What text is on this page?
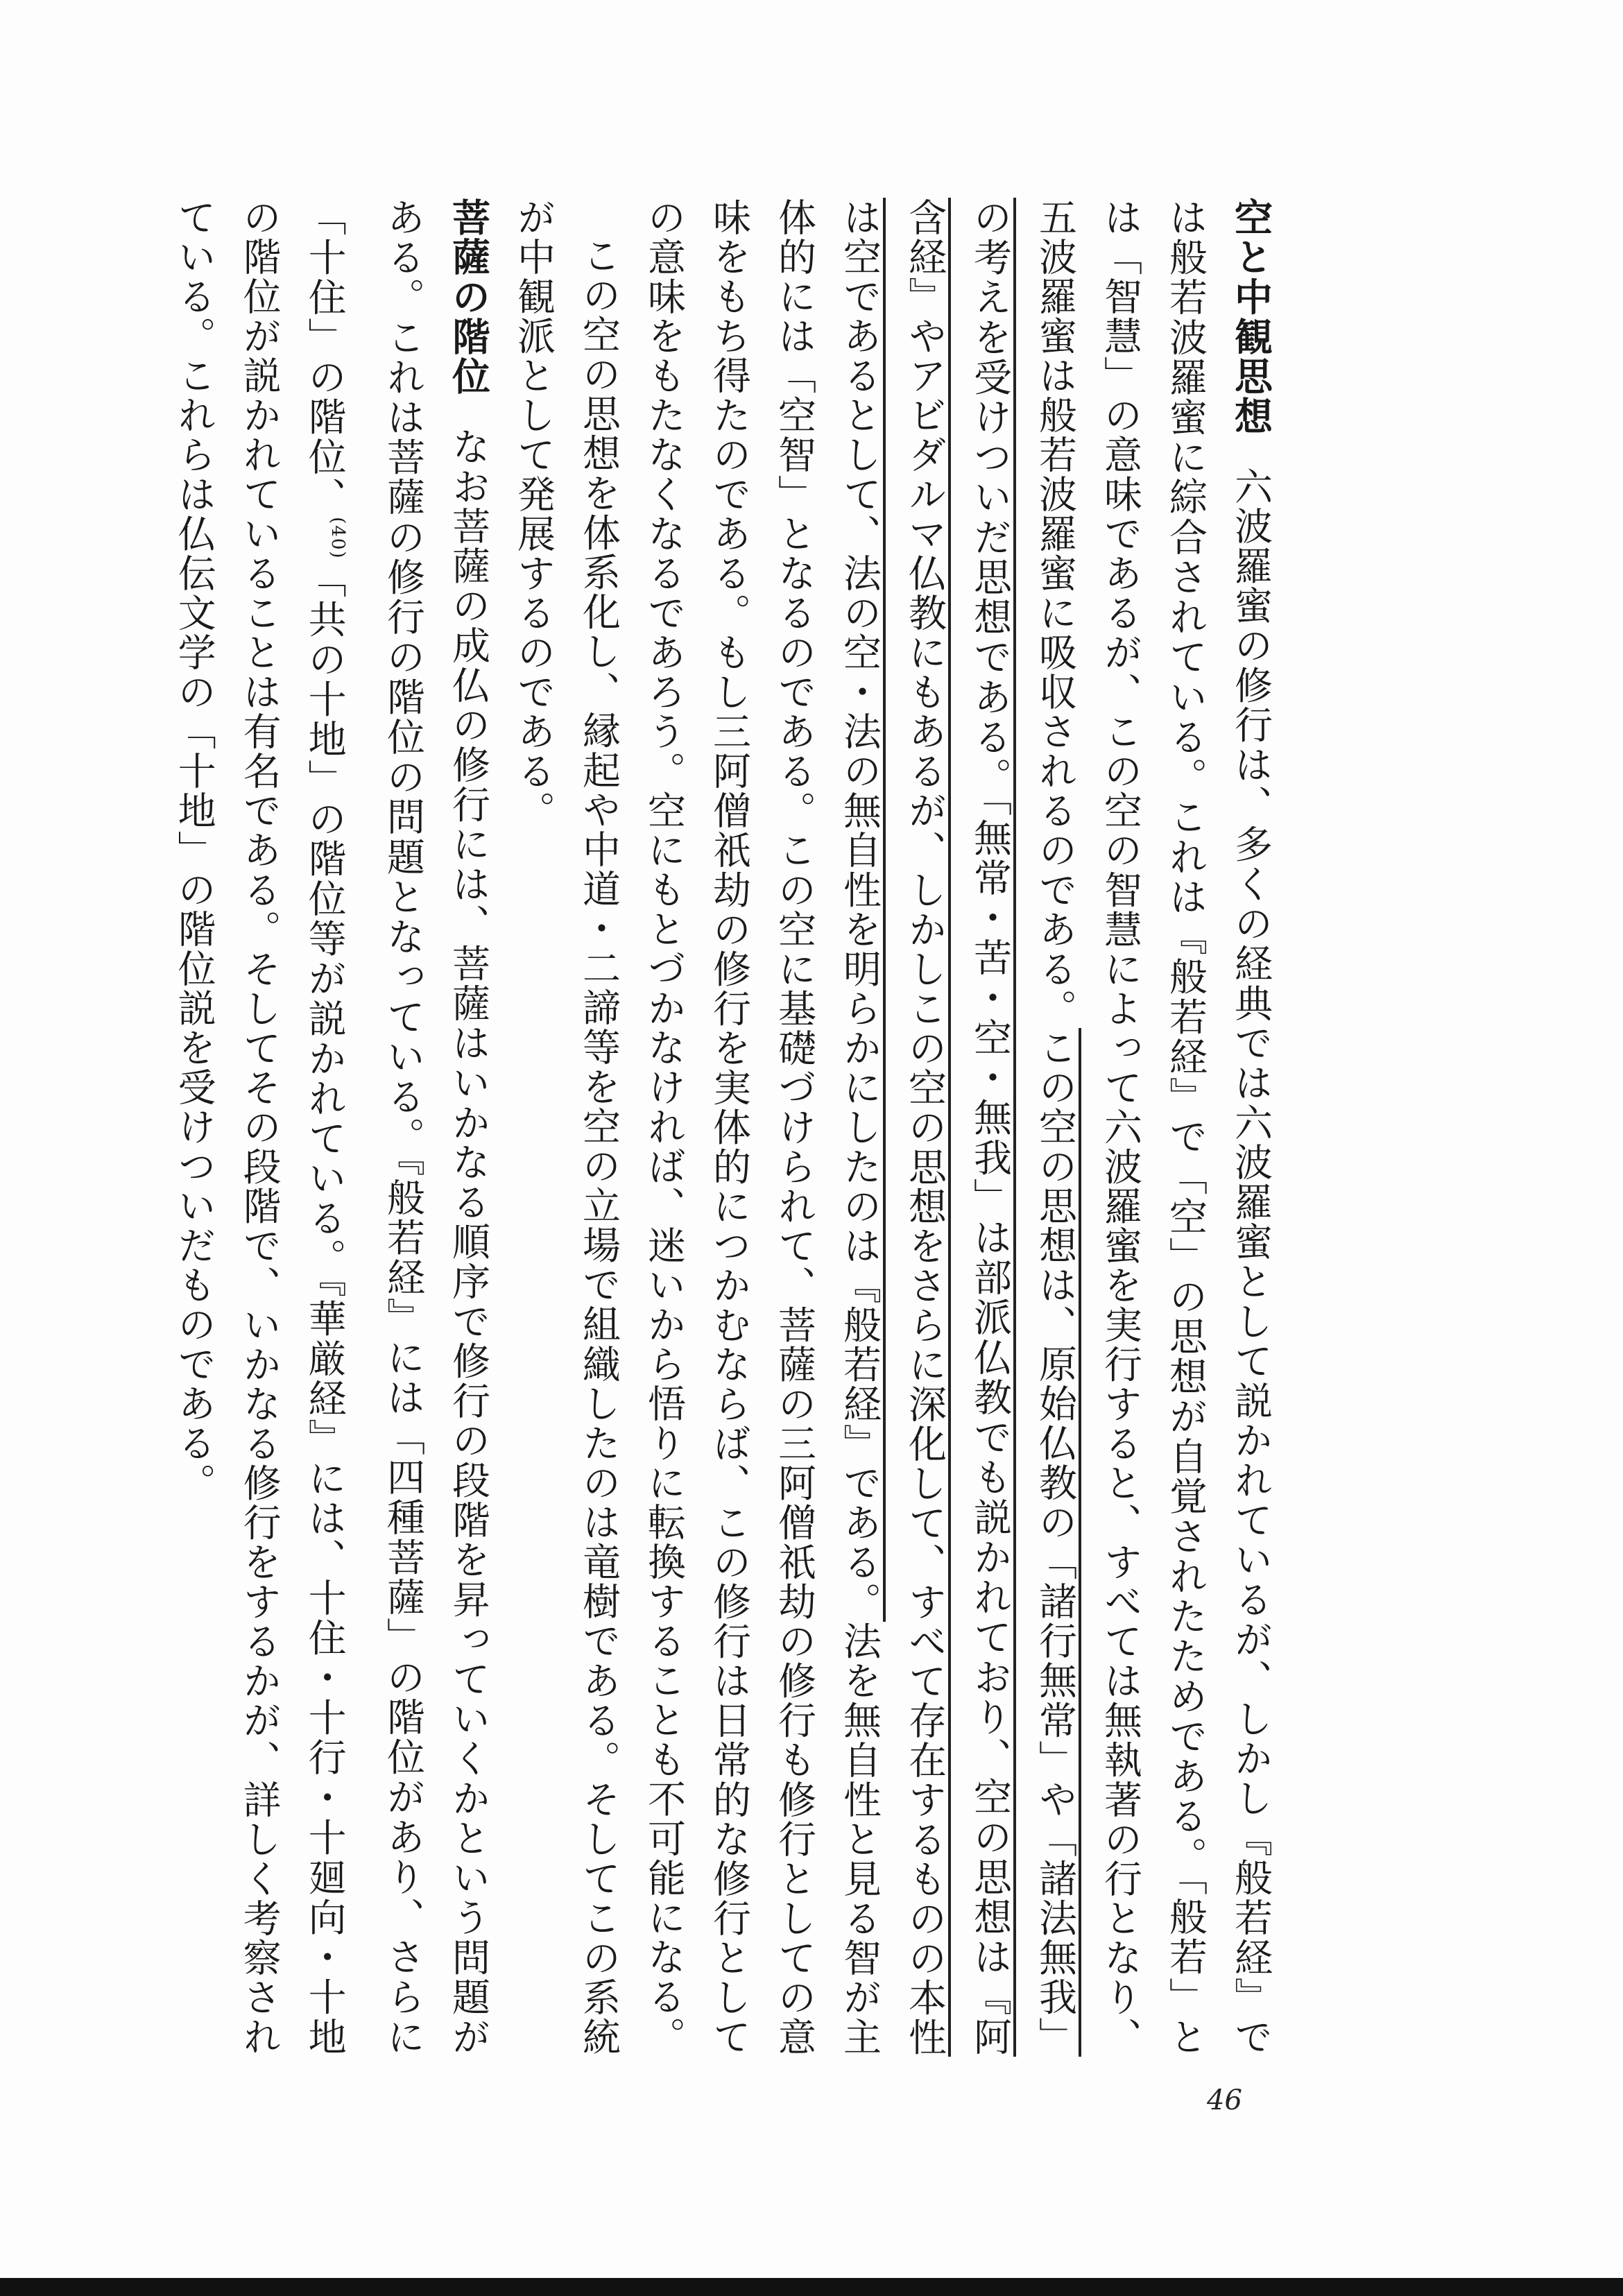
空と中観思想六波羅蜜の修行は、多くの経典では六波羅蜜として説かれているが、しかし『般若経』では般若波羅蜜に綜合されている。これは『般若経』で「空」の思想が自覚されたためである。「般若」とは「智慧」の意味であるが、この空の智慧によって六波羅蜜を実行すると、すべては無執著の行となり、五波羅蜜は般若波羅蜜に吸収されるのである。この空の思想は、原始仏教の「諸行無常」や「諸法無我」の考えを受けついだ思想である。「無常・苦・空・無我」は部派仏教でも説かれており、空の思想は『阿含経』やアビダルマ仏教にもあるが、しかしこの空の思想をさらに深化して、すべて存在するものの本性は空であるとして、法の空・法の無自性を明らかにしたのは『般若経』である。法を無自性と見る智が主体的には「空智」となるのである。この空に基礎づけられて、菩薩の三阿僧祇劫の修行も修行としての意味をもち得たのである。もし三阿僧祇劫の修行を実体的につかむならば、この修行は日常的な修行としての意味をもたなくなるであろう。空にもとづかなければ、迷いから悟りに転換することも不可能になる。

この空の思想を体系化し、縁起や中道・二諦等を空の立場で組織したのは竜樹である。そしてこの系統が中観派として発展するのである。

菩薩の階位なお菩薩の成仏の修行には、菩薩はいかなる順序で修行の段階を昇っていくかという問題がある。これは菩薩の修行の階位の問題となっている。『般若経』には「四種菩薩」の階位があり、さらに「十住」の階位、$^{(40)}$「共の十地」の階位等が説かれている。『華厳経』には、十住・十行・十廻向・十地の階位が説かれていることは有名である。そしてその段階で、いかなる修行をするかが、詳しく考察されている。これらは仏伝文学の「十地」の階位説を受けついだものである。

46
